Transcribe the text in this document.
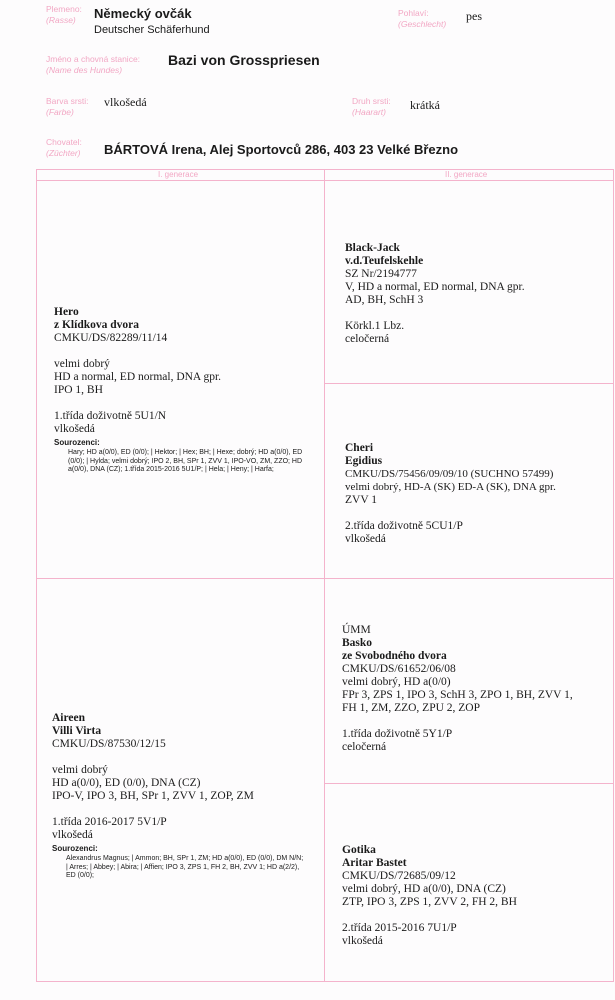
Plemeno:
(Rasse)	Německý ovčák
Deutscher Schäferhund
Pohlaví:
(Geschlecht)
pes
Jméno a chovná stanice:
(Name des Hundes)
Bazi von Grosspriesen
Barva srsti:
(Farbe)
vlkošedá	Druh srsti:
(Haarart)	krátká
Chovatel:
(Züchter) BÁRTOVÁ Irena, Alej Sportovců 286, 403 23 Velké Březno
I. generace	II. generace
Hero
z Klídkova dvora
CMKU/DS/82289/11/14
velmi dobrý
HD a normal, ED normal, DNA gpr.
IPO 1, BH
1.třída doživotně 5U1/N
vlkošedá
Sourozenci:
Hary; HD a(0/0), ED (0/0); | Hektor; | Hex; BH; | Hexe; dobrý; HD a(0/0), ED (0/0); | Hylda; velmi dobrý; IPO 2, BH, SPr 1, ZVV 1, IPO-VO, ZM, ZZO; HD a(0/0), DNA (CZ); 1.třída 2015-2016 5U1/P; | Hela; | Heny; | Harfa;
Black-Jack
v.d.Teufelskehle
SZ Nr/2194777
V, HD a normal, ED normal, DNA gpr.
AD, BH, SchH 3
Körkl.1 Lbz.
celočerná
Cheri
Egidius
CMKU/DS/75456/09/09/10 (SUCHNO 57499)
velmi dobrý, HD-A (SK) ED-A (SK), DNA gpr.
ZVV 1
2.třída doživotně 5CU1/P
vlkošedá
Aireen
Villi Virta
CMKU/DS/87530/12/15
velmi dobrý
HD a(0/0), ED (0/0), DNA (CZ)
IPO-V, IPO 3, BH, SPr 1, ZVV 1, ZOP, ZM
1.třída 2016-2017 5V1/P
vlkošedá
Sourozenci:
Alexandrus Magnus; | Ammon; BH, SPr 1, ZM; HD a(0/0), ED (0/0), DM N/N; | Arres; | Abbey; | Abira; | Affien; IPO 3, ZPS 1, FH 2, BH, ZVV 1; HD a(2/2), ED (0/0);
ÚMM
Basko
ze Svobodného dvora
CMKU/DS/61652/06/08
velmi dobrý, HD a(0/0)
FPr 3, ZPS 1, IPO 3, SchH 3, ZPO 1, BH, ZVV 1,
FH 1, ZM, ZZO, ZPU 2, ZOP
1.třída doživotně 5Y1/P
celočerná
Gotika
Aritar Bastet
CMKU/DS/72685/09/12
velmi dobrý, HD a(0/0), DNA (CZ)
ZTP, IPO 3, ZPS 1, ZVV 2, FH 2, BH
2.třída 2015-2016 7U1/P
vlkošedá
